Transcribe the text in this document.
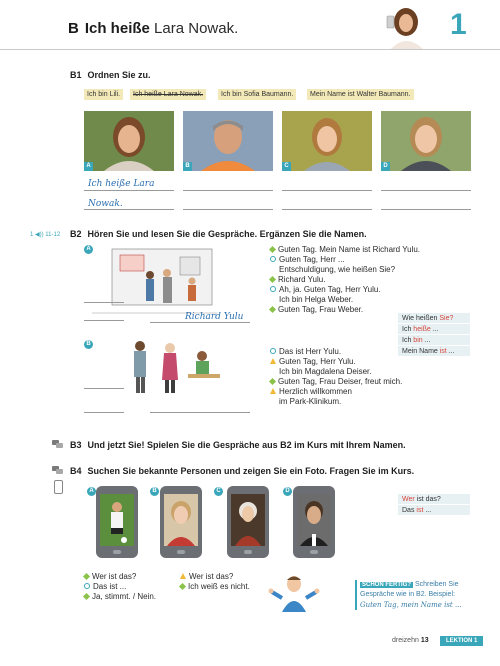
B Ich heiße Lara Nowak.	1
B1 Ordnen Sie zu.
Ich bin Lili.	Ich heiße Lara Nowak.	Ich bin Sofia Baumann.	Mein Name ist Walter Baumann.
A	B	C	D
Ich heiße Lara
Nowak.
1 ◀)) 11-12 B2 Hören Sie und lesen Sie die Gespräche. Ergänzen Sie die Namen.
A
Richard Yulu
Guten Tag. Mein Name ist Richard Yulu.
Guten Tag, Herr ...
Entschuldigung, wie heißen Sie?
Richard Yulu.
Ah, ja. Guten Tag, Herr Yulu.
Ich bin Helga Weber.
Guten Tag, Frau Weber.
Wie heißen Sie?
Ich heiße ...
Ich bin ...
Mein Name ist ...
B
Das ist Herr Yulu.
Guten Tag, Herr Yulu.
Ich bin Magdalena Deiser.
Guten Tag, Frau Deiser, freut mich.
Herzlich willkommen
im Park-Klinikum.
B3 Und jetzt Sie! Spielen Sie die Gespräche aus B2 im Kurs mit Ihrem Namen.
B4 Suchen Sie bekannte Personen und zeigen Sie ein Foto. Fragen Sie im Kurs.
A	B	C	D
Wer ist das?
Das ist ...
Wer ist das?
Das ist ...
Ja, stimmt. / Nein.
Wer ist das?
Ich weiß es nicht.	SCHON FERTIG? Schreiben Sie
Gespräche wie in B2. Beispiel:
Guten Tag, mein Name ist ...
dreizehn 13	LEKTION 1
